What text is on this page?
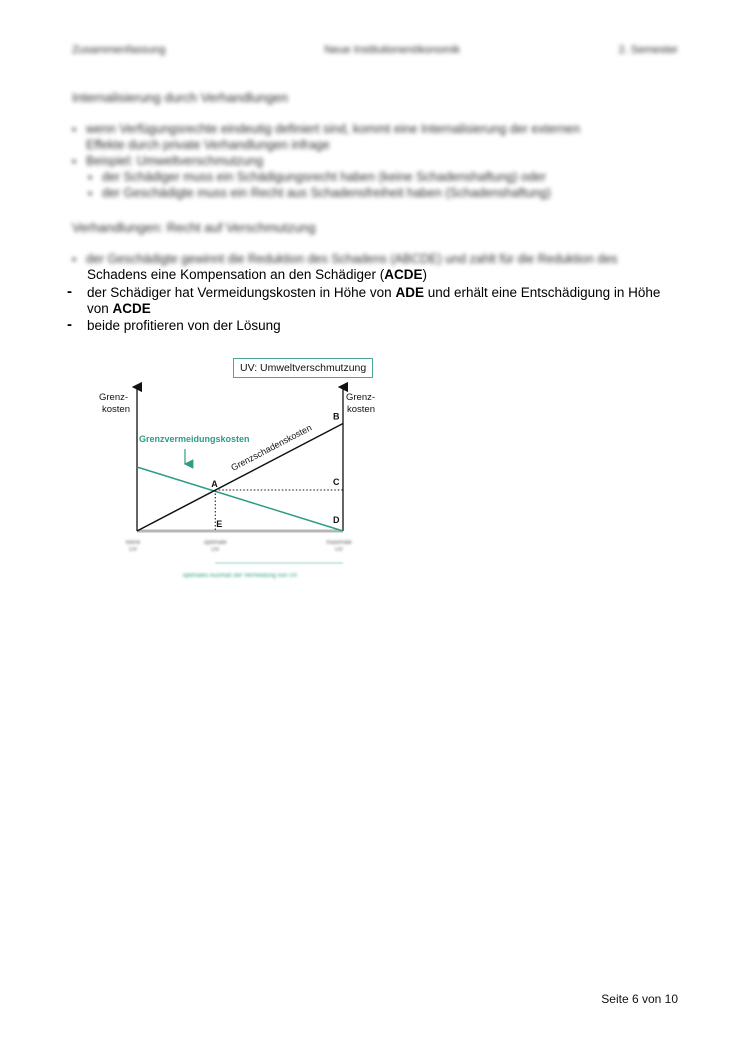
Zusammenfassung	Neue Institutionenökonomik	2. Semester
Internalisierung durch Verhandlungen
▪ wenn Verfügungsrechte eindeutig definiert sind, kommt eine Internalisierung der externen
Effekte durch private Verhandlungen infrage
▪ Beispiel: Umweltverschmutzung
▪ der Schädiger muss ein Schädigungsrecht haben (keine Schadenshaftung) oder
▪ der Geschädigte muss ein Recht aus Schadensfreiheit haben (Schadenshaftung)
Verhandlungen: Recht auf Verschmutzung
▪ der Geschädigte gewinnt die Reduktion des Schadens (ABCDE) und zahlt für die Reduktion des
Schadens eine Kompensation an den Schädiger (ACDE)
- der Schädiger hat Vermeidungskosten in Höhe von ADE und erhält eine Entschädigung in Höhe
von ACDE
- beide profitieren von der Lösung
UV: Umweltverschmutzung
Grenz-
kosten
Grenz-
kosten
Grenzvermeidungskosten
Grenzschadenskosten
A
B
C
D
E
keine
UV
optimale
UV
maximale
UV
optimales Ausmaß der Vermeidung von UV
Seite 6 von 10
